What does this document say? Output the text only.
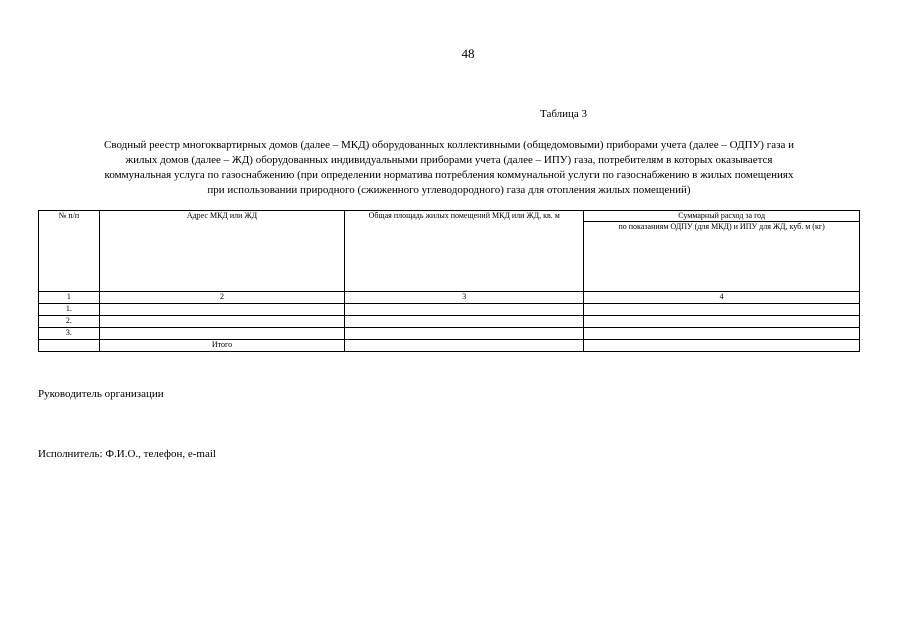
48
Таблица 3
Сводный реестр многоквартирных домов (далее – МКД) оборудованных коллективными (общедомовыми) приборами учета (далее – ОДПУ) газа и
жилых домов (далее – ЖД) оборудованных индивидуальными приборами учета (далее – ИПУ) газа, потребителям в которых оказывается
коммунальная услуга по газоснабжению (при определении норматива потребления коммунальной услуги по газоснабжению в жилых помещениях
при использовании природного (сжиженного углеводородного) газа для отопления жилых помещений)
№ п/п	Адрес МКД или ЖД	Общая площадь жилых помещений МКД или ЖД, кв. м	Суммарный расход за год
			по показаниям ОДПУ (для МКД) и ИПУ для ЖД, куб. м (кг)
1	2	3	4
1.			
2.			
3.			
	Итого		
Руководитель организации
Исполнитель: Ф.И.О., телефон, e-mail
